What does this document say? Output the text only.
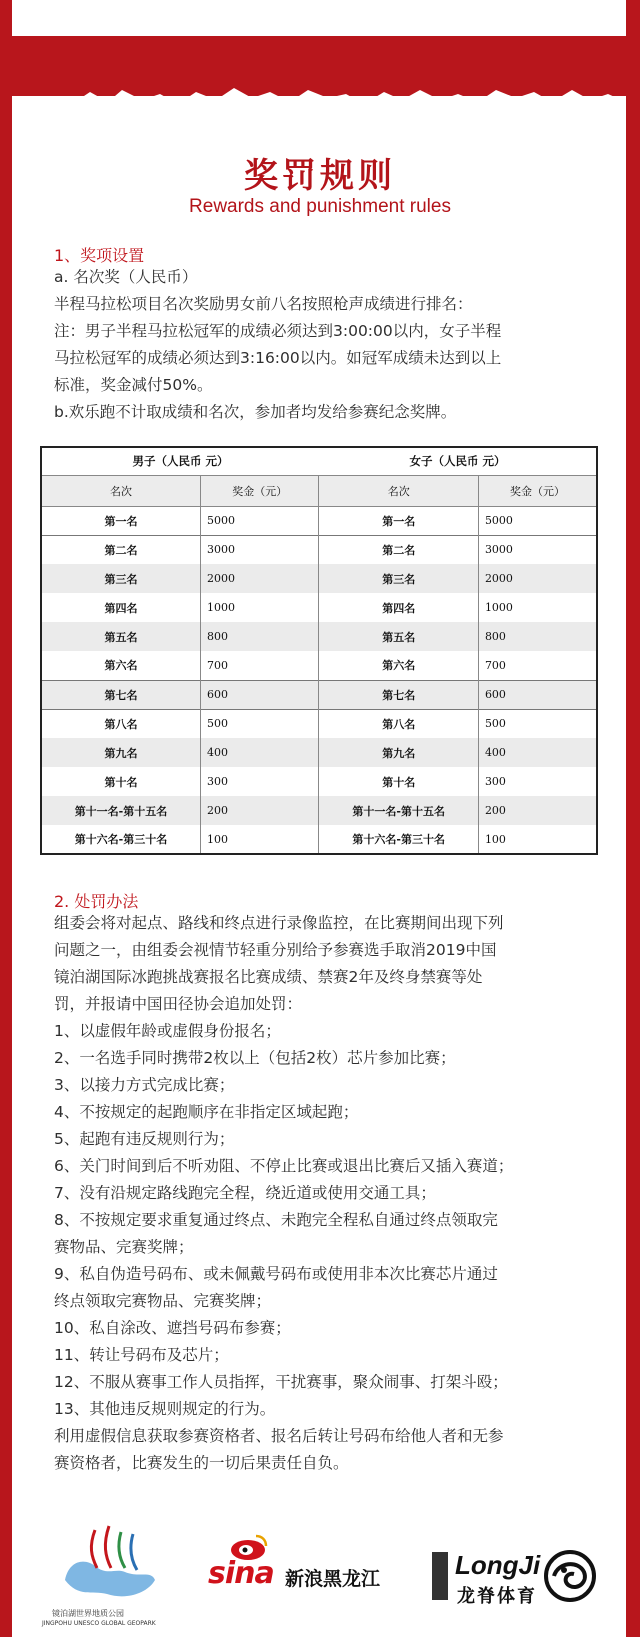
奖罚规则
Rewards and punishment rules
1、奖项设置
a. 名次奖（人民币）
半程马拉松项目名次奖励男女前八名按照枪声成绩进行排名：
注：男子半程马拉松冠军的成绩必须达到3:00:00以内，女子半程
马拉松冠军的成绩必须达到3:16:00以内。如冠军成绩未达到以上
标准，奖金减付50%。
b.欢乐跑不计取成绩和名次，参加者均发给参赛纪念奖牌。
男子（人民币 元）		女子（人民币 元）	
名次	奖金（元）	名次	奖金（元）
第一名	5000	第一名	5000
第二名	3000	第二名	3000
第三名	2000	第三名	2000
第四名	1000	第四名	1000
第五名	800	第五名	800
第六名	700	第六名	700
第七名	600	第七名	600
第八名	500	第八名	500
第九名	400	第九名	400
第十名	300	第十名	300
第十一名-第十五名	200	第十一名-第十五名	200
第十六名-第三十名	100	第十六名-第三十名	100
2. 处罚办法
组委会将对起点、路线和终点进行录像监控，在比赛期间出现下列
问题之一，由组委会视情节轻重分别给予参赛选手取消2019中国
镜泊湖国际冰跑挑战赛报名比赛成绩、禁赛2年及终身禁赛等处
罚，并报请中国田径协会追加处罚：
1、以虚假年龄或虚假身份报名；
2、一名选手同时携带2枚以上（包括2枚）芯片参加比赛；
3、以接力方式完成比赛；
4、不按规定的起跑顺序在非指定区域起跑；
5、起跑有违反规则行为；
6、关门时间到后不听劝阻、不停止比赛或退出比赛后又插入赛道；
7、没有沿规定路线跑完全程，绕近道或使用交通工具；
8、不按规定要求重复通过终点、未跑完全程私自通过终点领取完
赛物品、完赛奖牌；
9、私自伪造号码布、或未佩戴号码布或使用非本次比赛芯片通过
终点领取完赛物品、完赛奖牌；
10、私自涂改、遮挡号码布参赛；
11、转让号码布及芯片；
12、不服从赛事工作人员指挥，干扰赛事，聚众闹事、打架斗殴；
13、其他违反规则规定的行为。
利用虚假信息获取参赛资格者、报名后转让号码布给他人者和无参
赛资格者，比赛发生的一切后果责任自负。
镜泊湖世界地质公园
JINGPOHU UNESCO GLOBAL GEOPARK
sina 新浪黑龙江	LongJi
龙脊体育
